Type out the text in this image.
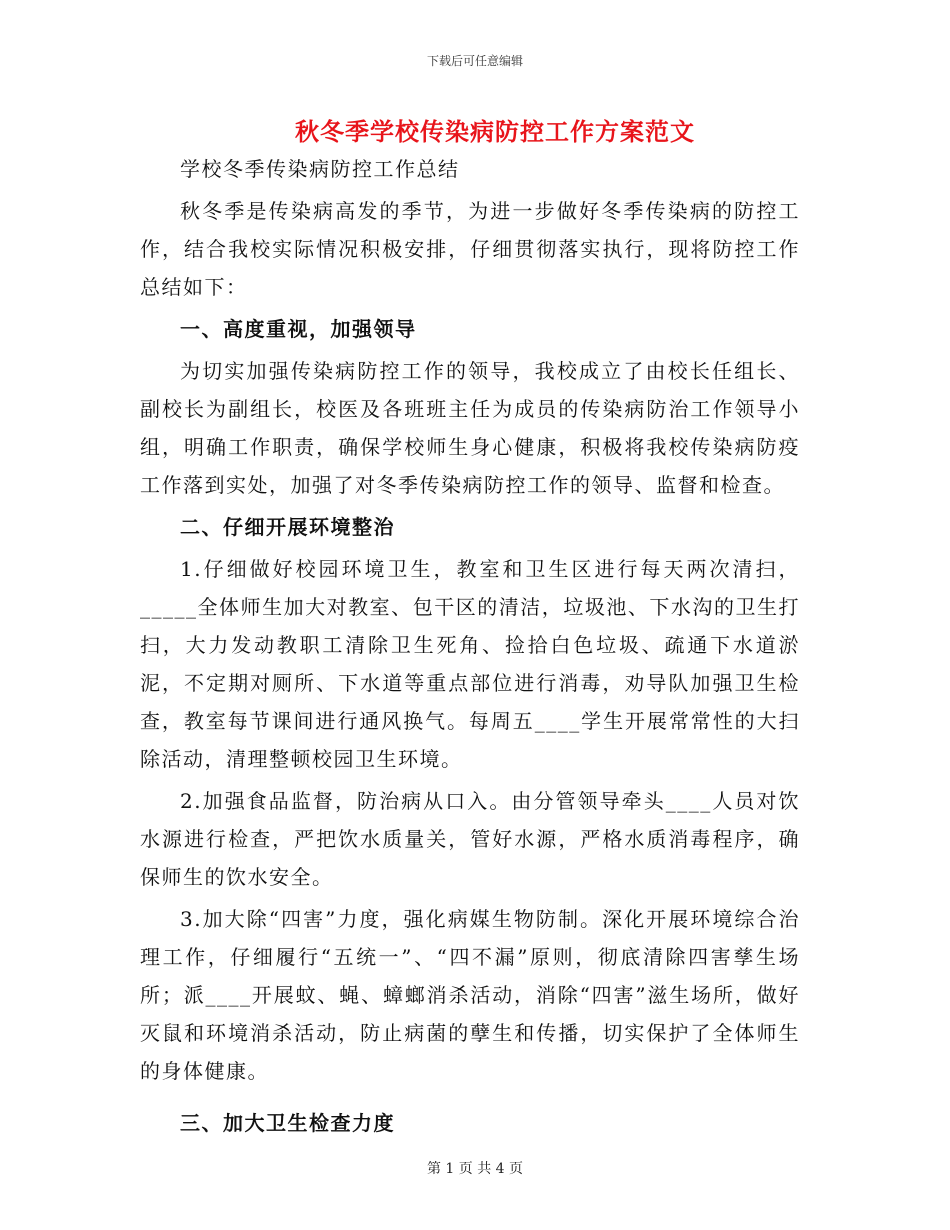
下载后可任意编辑
秋冬季学校传染病防控工作方案范文

学校冬季传染病防控工作总结

秋冬季是传染病高发的季节，为进一步做好冬季传染病的防控工作，结合我校实际情况积极安排，仔细贯彻落实执行，现将防控工作总结如下：

一、高度重视，加强领导

为切实加强传染病防控工作的领导，我校成立了由校长任组长、副校长为副组长，校医及各班班主任为成员的传染病防治工作领导小组，明确工作职责，确保学校师生身心健康，积极将我校传染病防疫工作落到实处，加强了对冬季传染病防控工作的领导、监督和检查。

二、仔细开展环境整治

1.仔细做好校园环境卫生，教室和卫生区进行每天两次清扫，_____全体师生加大对教室、包干区的清洁，垃圾池、下水沟的卫生打扫，大力发动教职工清除卫生死角、捡拾白色垃圾、疏通下水道淤泥，不定期对厕所、下水道等重点部位进行消毒，劝导队加强卫生检查，教室每节课间进行通风换气。每周五____学生开展常常性的大扫除活动，清理整顿校园卫生环境。

2.加强食品监督，防治病从口入。由分管领导牵头____人员对饮水源进行检查，严把饮水质量关，管好水源，严格水质消毒程序，确保师生的饮水安全。

3.加大除“四害”力度，强化病媒生物防制。深化开展环境综合治理工作，仔细履行“五统一”、“四不漏”原则，彻底清除四害孳生场所；派____开展蚊、蝇、蟑螂消杀活动，消除“四害”滋生场所，做好灭鼠和环境消杀活动，防止病菌的孽生和传播，切实保护了全体师生的身体健康。

三、加大卫生检查力度

第 1 页 共 4 页
